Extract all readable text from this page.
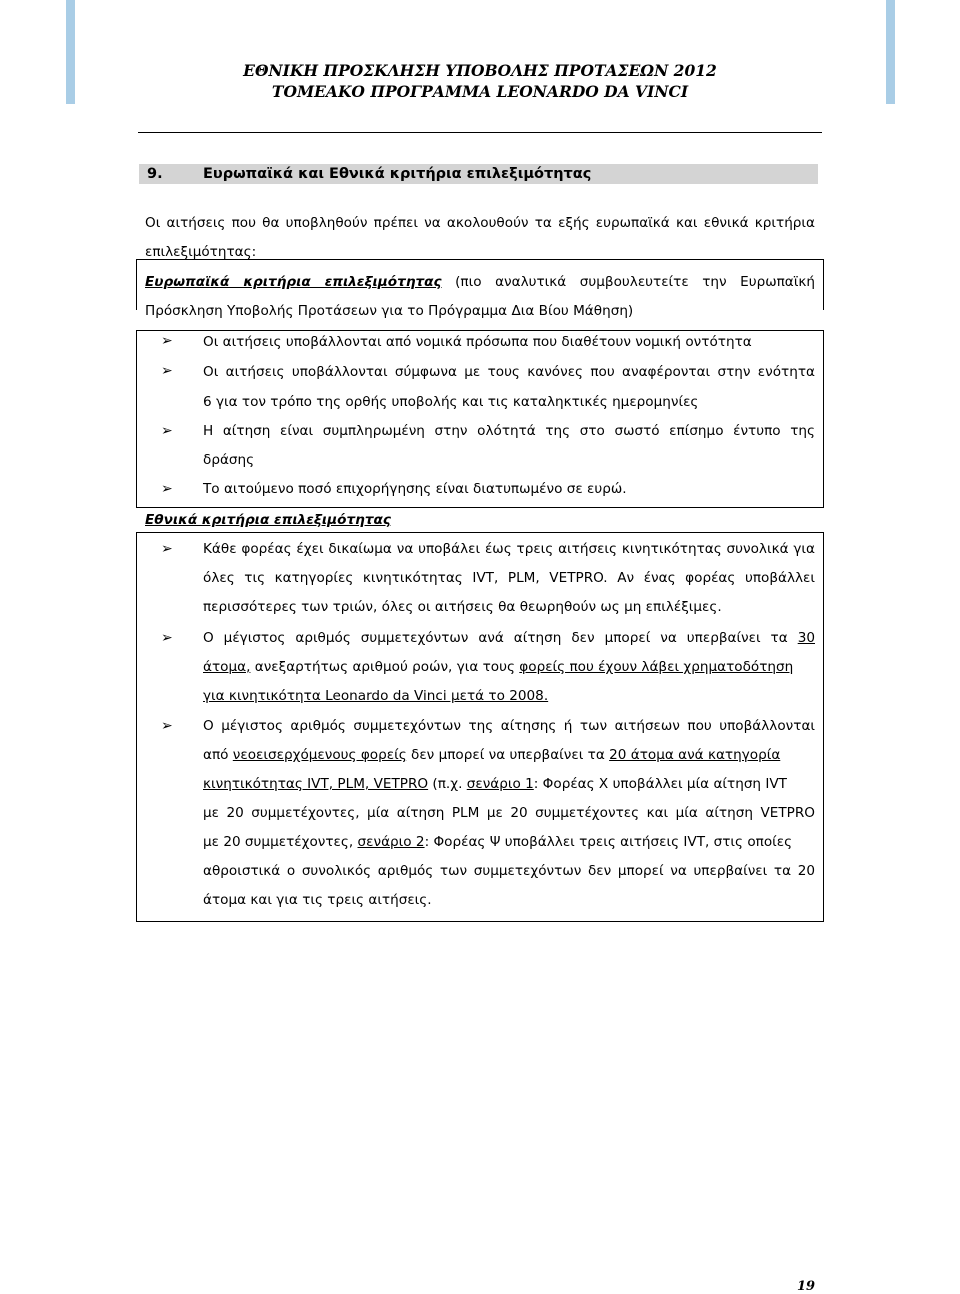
ΕΘΝΙΚΗ ΠΡΟΣΚΛΗΣΗ ΥΠΟΒΟΛΗΣ ΠΡΟΤΑΣΕΩΝ 2012
ΤΟΜΕΑΚΟ ΠΡΟΓΡΑΜΜΑ LEONARDO DA VINCI
9.	Ευρωπαϊκά και Εθνικά κριτήρια επιλεξιμότητας
Οι αιτήσεις που θα υποβληθούν πρέπει να ακολουθούν τα εξής ευρωπαϊκά και εθνικά κριτήρια
επιλεξιμότητας:
Ευρωπαϊκά κριτήρια επιλεξιμότητας (πιο αναλυτικά συμβουλευτείτε την Ευρωπαϊκή
Πρόσκληση Υποβολής Προτάσεων για το Πρόγραμμα Δια Βίου Μάθηση)
➢ Οι αιτήσεις υποβάλλονται από νομικά πρόσωπα που διαθέτουν νομική οντότητα
➢ Οι αιτήσεις υποβάλλονται σύμφωνα με τους κανόνες που αναφέρονται στην ενότητα
6 για τον τρόπο της ορθής υποβολής και τις καταληκτικές ημερομηνίες
➢ Η αίτηση είναι συμπληρωμένη στην ολότητά της στο σωστό επίσημο έντυπο της
δράσης
➢ Το αιτούμενο ποσό επιχορήγησης είναι διατυπωμένο σε ευρώ.
Εθνικά κριτήρια επιλεξιμότητας
➢ Κάθε φορέας έχει δικαίωμα να υποβάλει έως τρεις αιτήσεις κινητικότητας συνολικά για
όλες τις κατηγορίες κινητικότητας IVT, PLM, VETPRO. Αν ένας φορέας υποβάλλει
περισσότερες των τριών, όλες οι αιτήσεις θα θεωρηθούν ως μη επιλέξιμες.
➢ Ο μέγιστος αριθμός συμμετεχόντων ανά αίτηση δεν μπορεί να υπερβαίνει τα 30
άτομα, ανεξαρτήτως αριθμού ροών, για τους φορείς που έχουν λάβει χρηματοδότηση
για κινητικότητα Leonardo da Vinci μετά το 2008.
➢ Ο μέγιστος αριθμός συμμετεχόντων της αίτησης ή των αιτήσεων που υποβάλλονται
από νεοεισερχόμενους φορείς δεν μπορεί να υπερβαίνει τα 20 άτομα ανά κατηγορία
κινητικότητας IVT, PLM, VETPRO (π.χ. σενάριο 1: Φορέας Χ υποβάλλει μία αίτηση IVT
με 20 συμμετέχοντες, μία αίτηση PLM με 20 συμμετέχοντες και μία αίτηση VETPRO
με 20 συμμετέχοντες, σενάριο 2: Φορέας Ψ υποβάλλει τρεις αιτήσεις IVT, στις οποίες
αθροιστικά ο συνολικός αριθμός των συμμετεχόντων δεν μπορεί να υπερβαίνει τα 20
άτομα και για τις τρεις αιτήσεις.
19
